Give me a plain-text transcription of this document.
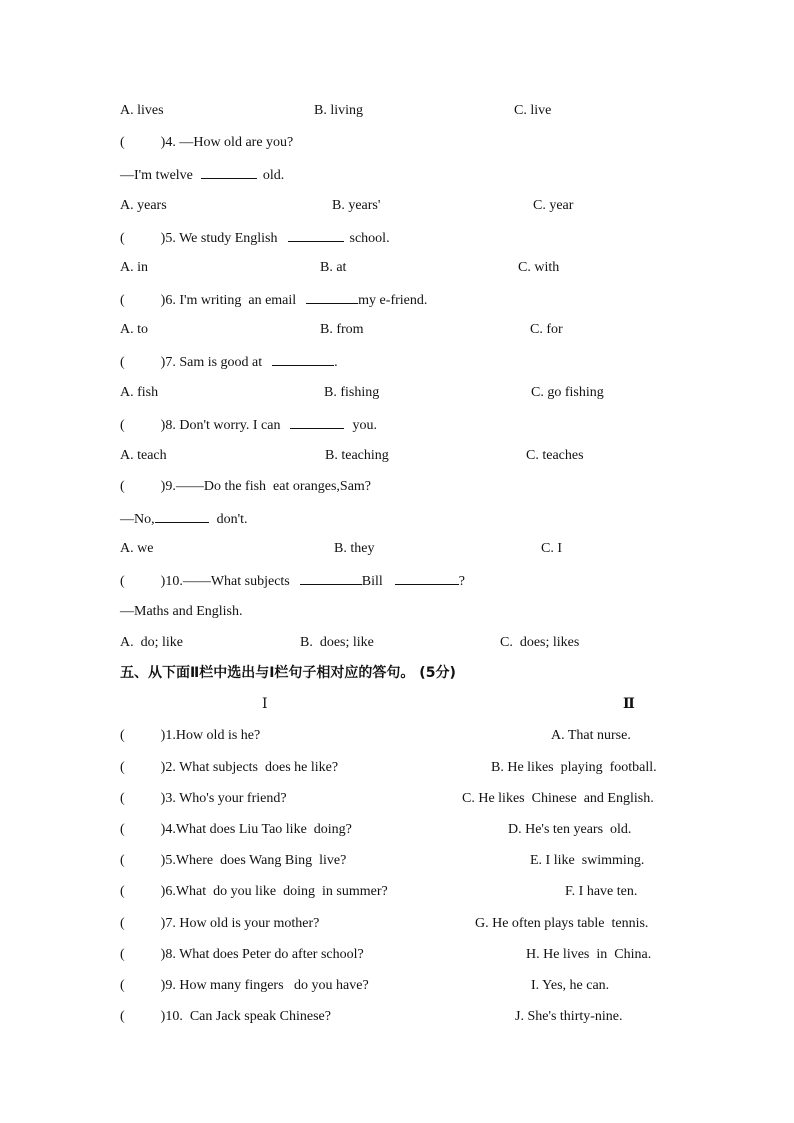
A. lives	B. living	C. live
(	)4. —How old are you?
—I'm twelve	old.
A. years	B. years'	C. year
(	)5. We study English	school.
A. in	B. at	C. with
(	)6. I'm writing  an email	my e-friend.
A. to	B. from	C. for
(	)7. Sam is good at	.
A. fish	B. fishing	C. go fishing
(	)8. Don't worry. I can	you.
A. teach	B. teaching	C. teaches
(	)9.——Do the fish  eat oranges,Sam?
—No,	don't.
A. we	B. they	C. I
(	)10.——What subjects	Bill	?
—Maths and English.
A.  do; like	B.  does; like	C.  does; likes
五、从下面Ⅱ栏中选出与Ⅰ栏句子相对应的答句。 (5分)
Ⅰ	Ⅱ
(	)1.How old is he?	A. That nurse.
(	)2. What subjects  does he like?	B. He likes  playing  football.
(	)3. Who's your friend?	C. He likes  Chinese  and English.
(	)4.What does Liu Tao like  doing?	D. He's ten years  old.
(	)5.Where  does Wang Bing  live?	E. I like  swimming.
(	)6.What  do you like  doing  in summer?	F. I have ten.
(	)7. How old is your mother?	G. He often plays table  tennis.
(	)8. What does Peter do after school?	H. He lives  in  China.
(	)9. How many fingers   do you have?	I. Yes, he can.
(	)10.  Can Jack speak Chinese?	J. She's thirty-nine.
